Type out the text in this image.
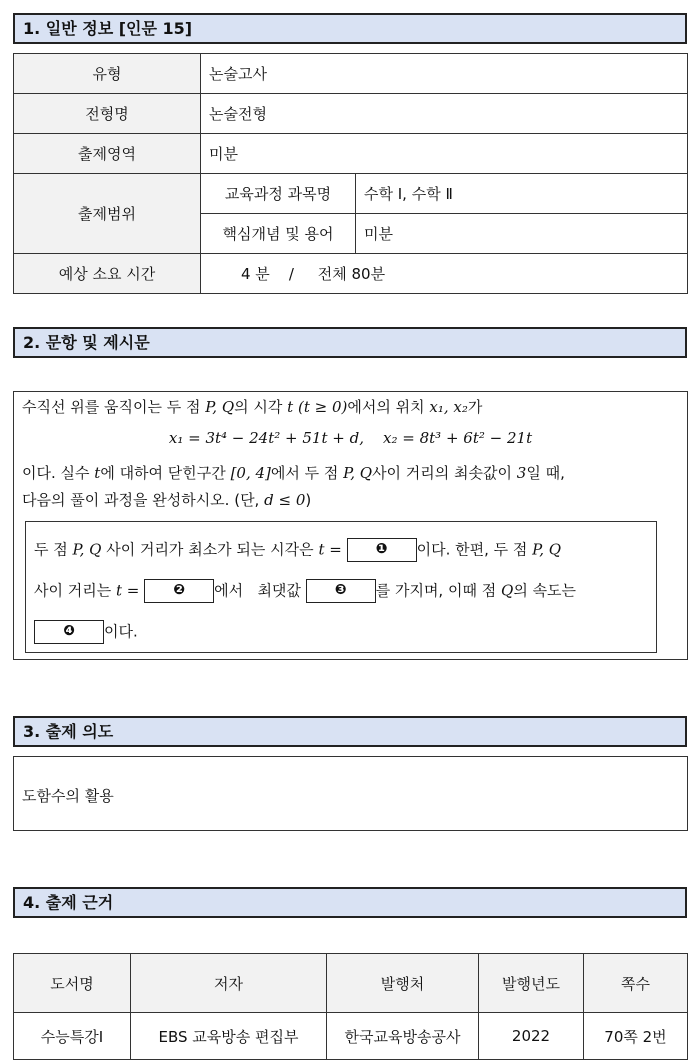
1. 일반 정보 [인문 15]
유형	논술고사	
전형명	논술전형	
출제영역	미분	
출제범위	교육과정 과목명	수학 Ⅰ, 수학 Ⅱ
	핵심개념 및 용어	미분
예상 소요 시간	4 분    /     전체 80분	
2. 문항 및 제시문
수직선 위를 움직이는 두 점 P, Q의 시각 t (t ≥ 0)에서의 위치 x₁, x₂가
x₁ = 3t⁴ − 24t² + 51t + d,    x₂ = 8t³ + 6t² − 21t
이다. 실수 t에 대하여 닫힌구간 [0, 4]에서 두 점 P, Q사이 거리의 최솟값이 3일 때,
다음의 풀이 과정을 완성하시오. (단, d ≤ 0)
두 점 P, Q 사이 거리가 최소가 되는 시각은 t = ❶ 이다. 한편, 두 점 P, Q
사이 거리는 t = ❷ 에서   최댓값 ❸ 를 가지며, 이때 점 Q의 속도는
❹ 이다.
3. 출제 의도
도함수의 활용
4. 출제 근거
도서명	저자	발행처	발행년도	쪽수
수능특강Ⅰ	EBS 교육방송 편집부	한국교육방송공사	2022	70쪽 2번
